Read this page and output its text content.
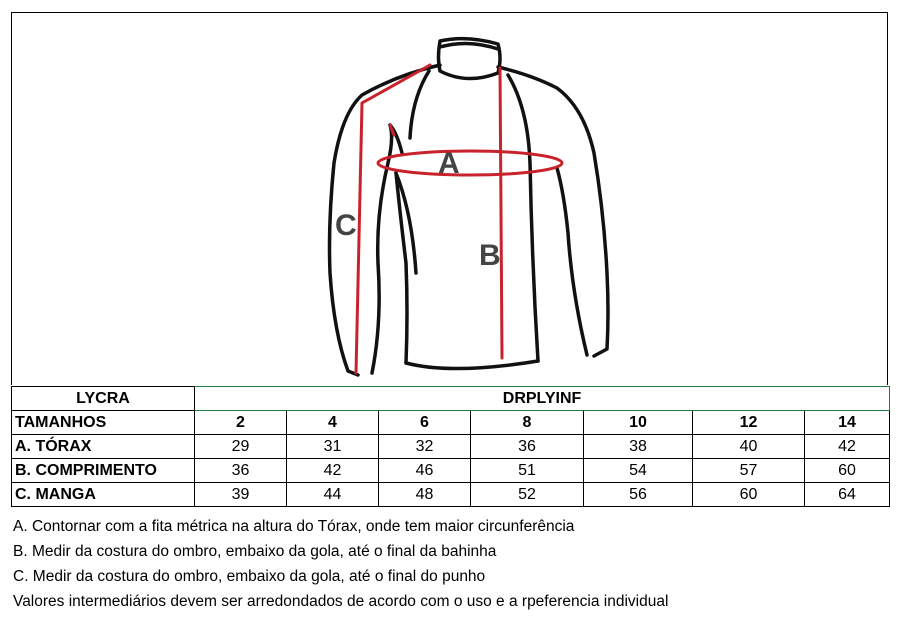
A
B
C
LYCRA	DRPLYINF						
TAMANHOS	2	4	6	8	10	12	14
A. TÓRAX	29	31	32	36	38	40	42
B. COMPRIMENTO	36	42	46	51	54	57	60
C. MANGA	39	44	48	52	56	60	64
A. Contornar com a fita métrica na altura do Tórax, onde tem maior circunferência
B. Medir da costura do ombro, embaixo da gola, até o final da bahinha
C. Medir da costura do ombro, embaixo da gola, até o final do punho
Valores intermediários devem ser arredondados de acordo com o uso e a rpeferencia individual
